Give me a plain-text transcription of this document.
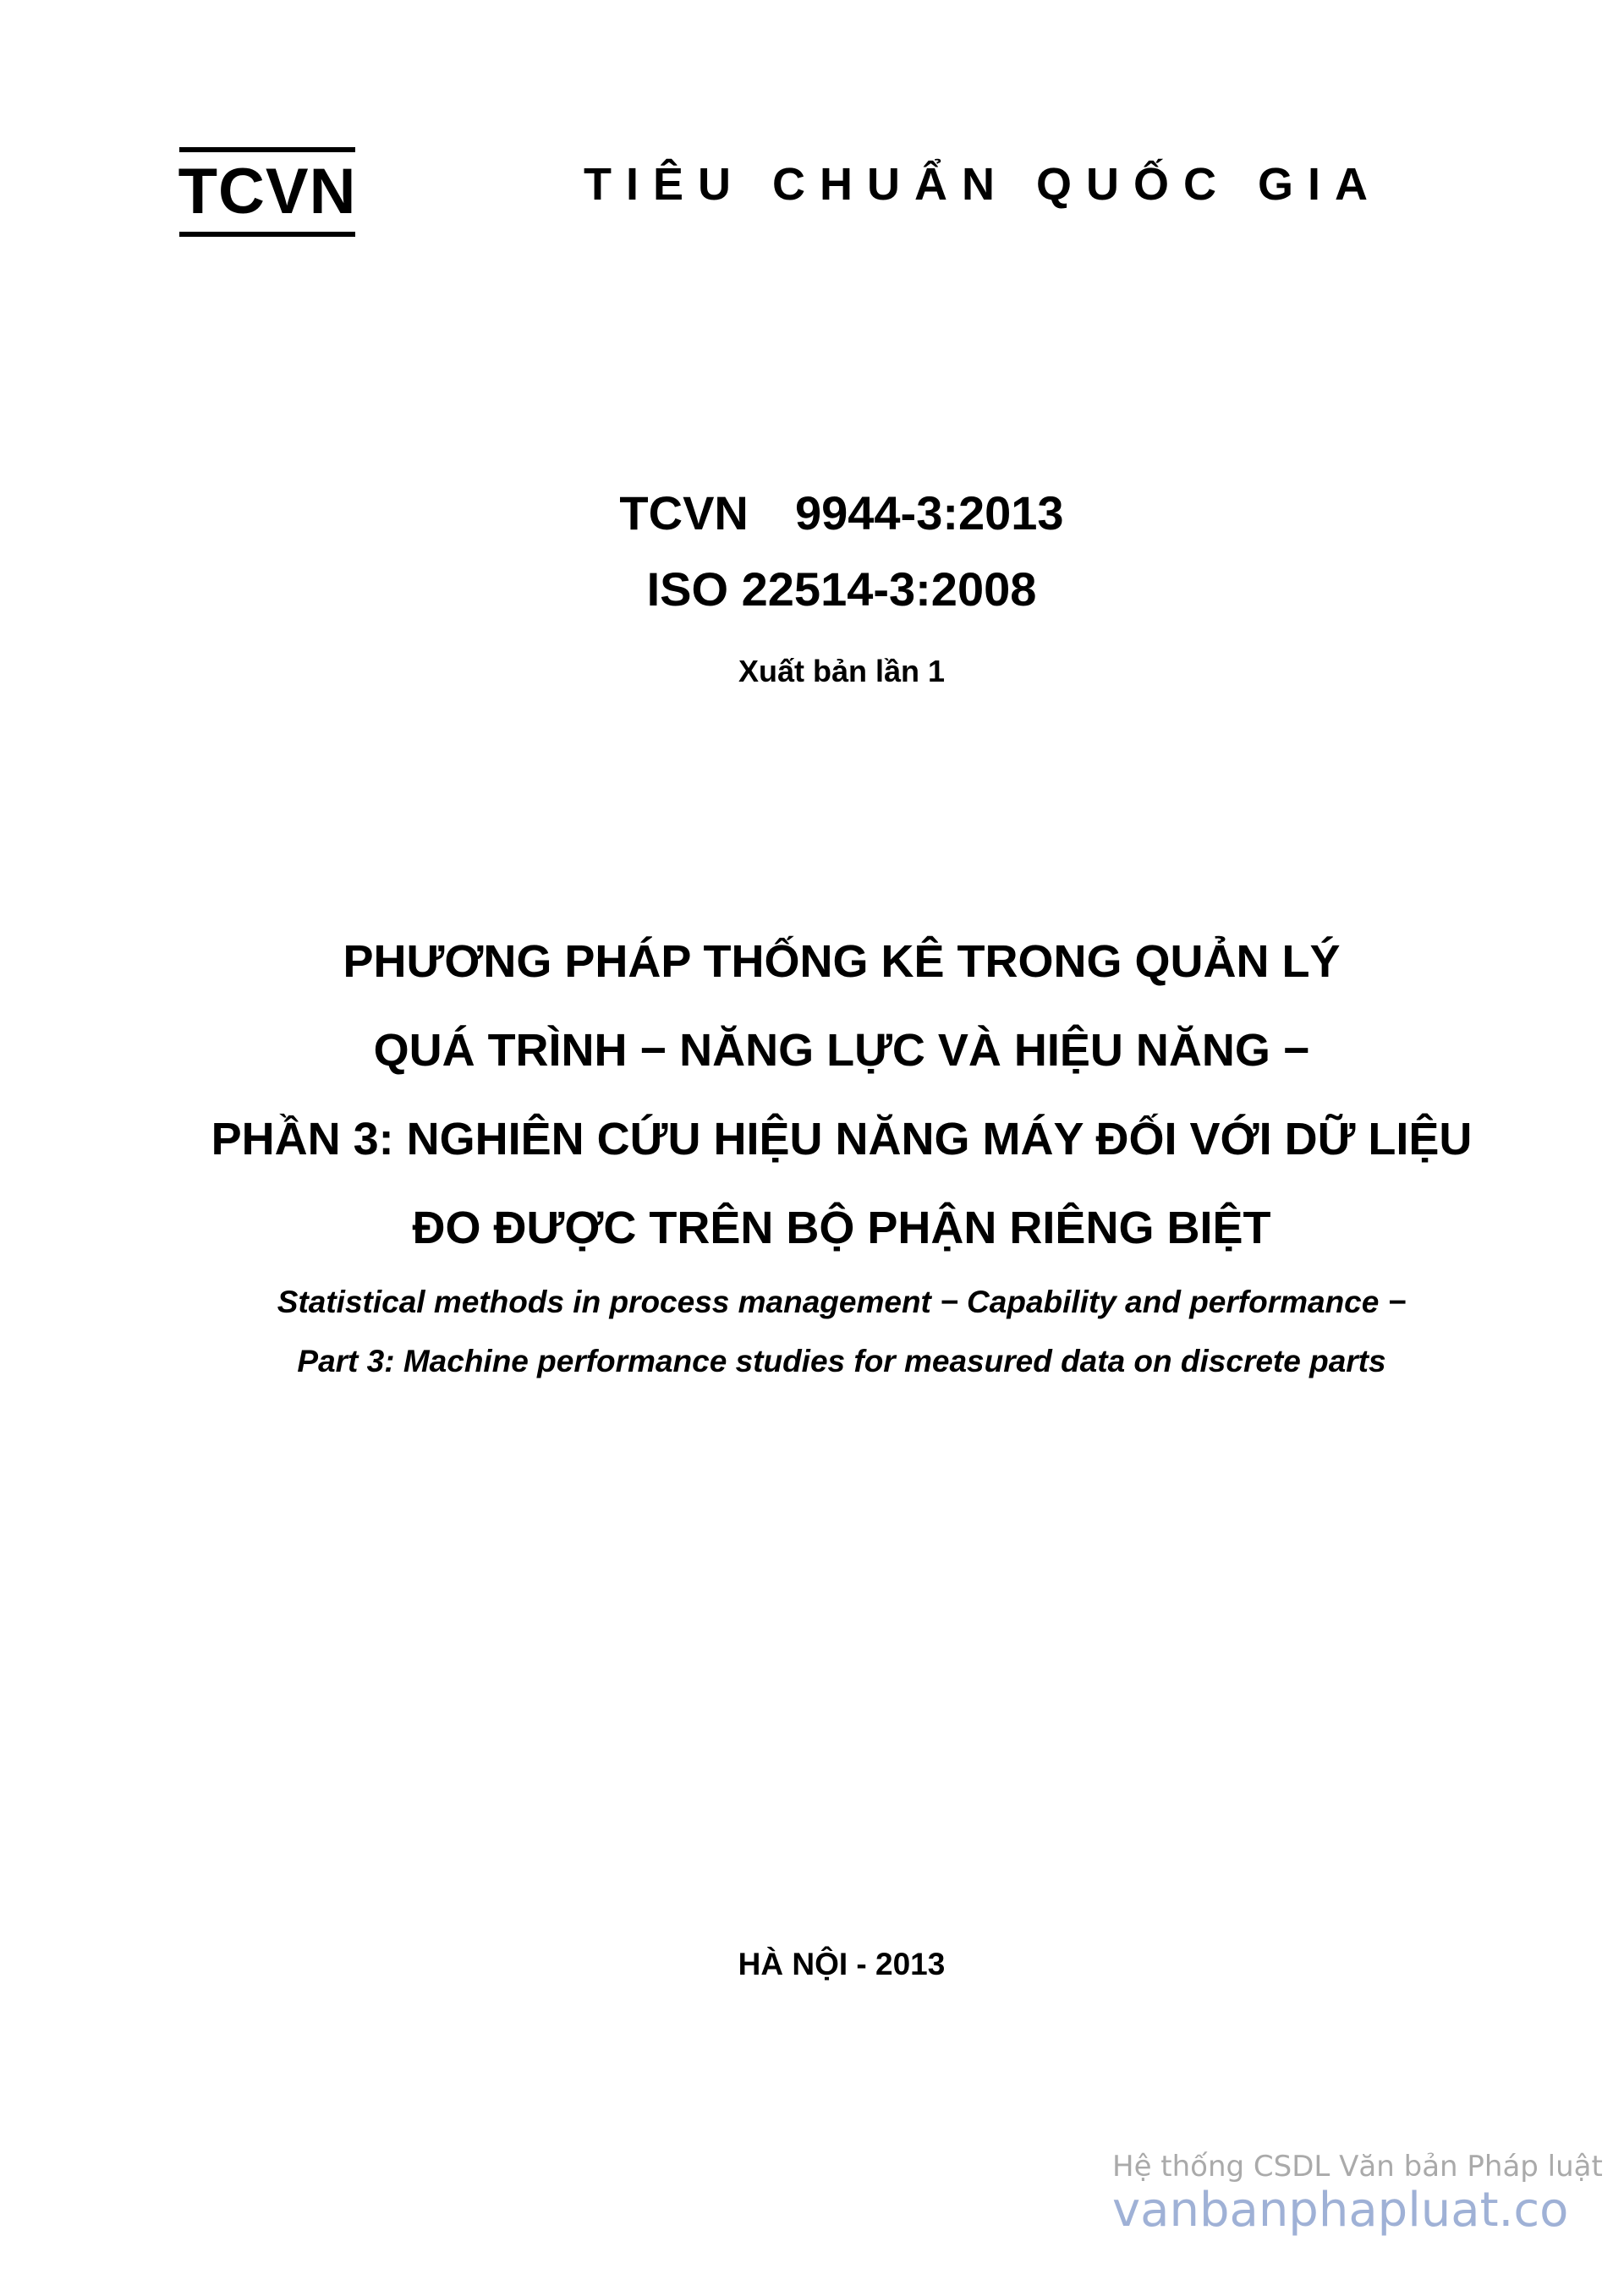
TCVN	TIÊU CHUẨN QUỐC GIA
TCVN  9944-3:2013
ISO 22514-3:2008
Xuất bản lần 1
PHƯƠNG PHÁP THỐNG KÊ TRONG QUẢN LÝ
QUÁ TRÌNH − NĂNG LỰC VÀ HIỆU NĂNG −
PHẦN 3: NGHIÊN CỨU HIỆU NĂNG MÁY ĐỐI VỚI DỮ LIỆU
ĐO ĐƯỢC TRÊN BỘ PHẬN RIÊNG BIỆT
Statistical methods in process management − Capability and performance −
Part 3: Machine performance studies for measured data on discrete parts
HÀ NỘI - 2013
Hệ thống CSDL Văn bản Pháp luật
vanbanphapluat.co
